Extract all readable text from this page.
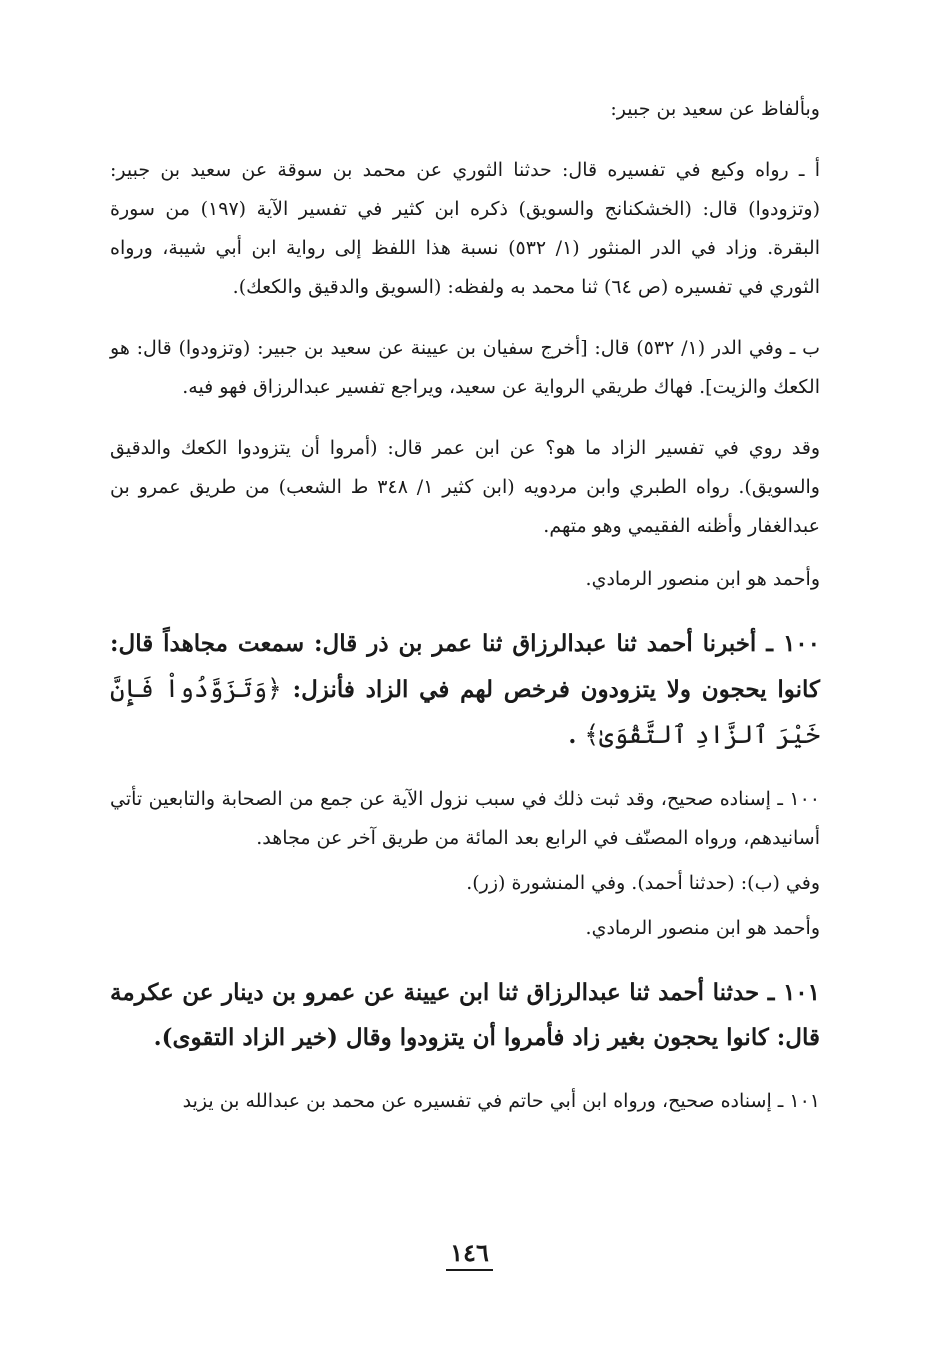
وبألفاظ عن سعيد بن جبير:
أ ـ رواه وكيع في تفسيره قال: حدثنا الثوري عن محمد بن سوقة عن سعيد بن جبير: (وتزودوا) قال: (الخشكنانج والسويق) ذكره ابن كثير في تفسير الآية (١٩٧) من سورة البقرة. وزاد في الدر المنثور (١/ ٥٣٢) نسبة هذا اللفظ إلى رواية ابن أبي شيبة، ورواه الثوري في تفسيره (ص ٦٤) ثنا محمد به ولفظه: (السويق والدقيق والكعك).
ب ـ وفي الدر (١/ ٥٣٢) قال: [أخرج سفيان بن عيينة عن سعيد بن جبير: (وتزودوا) قال: هو الكعك والزيت]. فهاك طريقي الرواية عن سعيد، ويراجع تفسير عبدالرزاق فهو فيه.
وقد روي في تفسير الزاد ما هو؟ عن ابن عمر قال: (أمروا أن يتزودوا الكعك والدقيق والسويق). رواه الطبري وابن مردويه (ابن كثير ١/ ٣٤٨ ط الشعب) من طريق عمرو بن عبدالغفار وأظنه الفقيمي وهو متهم.
وأحمد هو ابن منصور الرمادي.
١٠٠ ـ أخبرنا أحمد ثنا عبدالرزاق ثنا عمر بن ذر قال: سمعت مجاهداً قال: كانوا يحجون ولا يتزودون فرخص لهم في الزاد فأنزل: ﴿وَتَزَوَّدُواْ فَإِنَّ خَيْرَ ٱلزَّادِ ٱلتَّقْوَىٰ﴾ .
١٠٠ ـ إسناده صحيح، وقد ثبت ذلك في سبب نزول الآية عن جمع من الصحابة والتابعين تأتي أسانيدهم، ورواه المصنّف في الرابع بعد المائة من طريق آخر عن مجاهد.
وفي (ب): (حدثنا أحمد). وفي المنشورة (زر).
وأحمد هو ابن منصور الرمادي.
١٠١ ـ حدثنا أحمد ثنا عبدالرزاق ثنا ابن عيينة عن عمرو بن دينار عن عكرمة قال: كانوا يحجون بغير زاد فأمروا أن يتزودوا وقال (خير الزاد التقوى).
١٠١ ـ إسناده صحيح، ورواه ابن أبي حاتم في تفسيره عن محمد بن عبدالله بن يزيد
١٤٦
